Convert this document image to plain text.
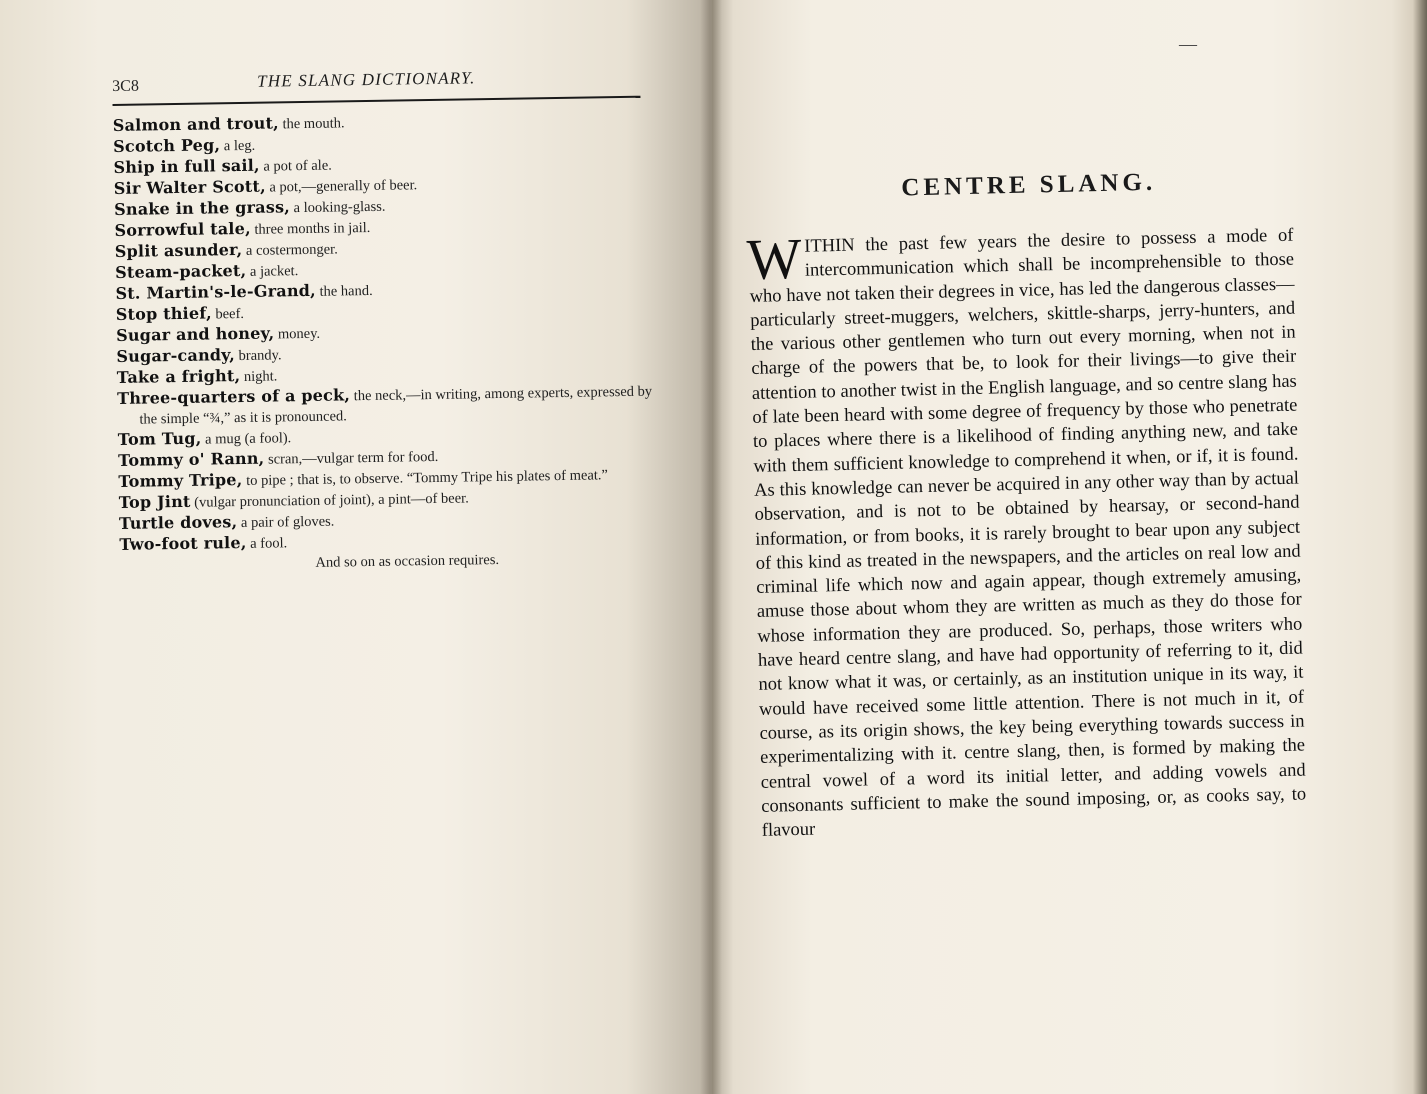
3C8	THE SLANG DICTIONARY.

Salmon and trout, the mouth.

Scotch Peg, a leg.

Ship in full sail, a pot of ale.

Sir Walter Scott, a pot,—generally of beer.

Snake in the grass, a looking-glass.

Sorrowful tale, three months in jail.

Split asunder, a costermonger.

Steam-packet, a jacket.

St. Martin's-le-Grand, the hand.

Stop thief, beef.

Sugar and honey, money.

Sugar-candy, brandy.

Take a fright, night.

Three-quarters of a peck, the neck,—in writing, among experts, expressed by the simple “¾,” as it is pronounced.

Tom Tug, a mug (a fool).

Tommy o' Rann, scran,—vulgar term for food.

Tommy Tripe, to pipe ; that is, to observe. “Tommy Tripe his plates of meat.”

Top Jint (vulgar pronunciation of joint), a pint—of beer.

Turtle doves, a pair of gloves.

Two-foot rule, a fool.

And so on as occasion requires.

—
CENTRE SLANG.

WITHIN the past few years the desire to possess a mode of intercommunication which shall be incomprehensible to those who have not taken their degrees in vice, has led the dangerous classes—particularly street-muggers, welchers, skittle-sharps, jerry-hunters, and the various other gentlemen who turn out every morning, when not in charge of the powers that be, to look for their livings—to give their attention to another twist in the English language, and so centre slang has of late been heard with some degree of frequency by those who penetrate to places where there is a likelihood of finding anything new, and take with them sufficient knowledge to comprehend it when, or if, it is found. As this knowledge can never be acquired in any other way than by actual observation, and is not to be obtained by hearsay, or second-hand information, or from books, it is rarely brought to bear upon any subject of this kind as treated in the newspapers, and the articles on real low and criminal life which now and again appear, though extremely amusing, amuse those about whom they are written as much as they do those for whose information they are produced. So, perhaps, those writers who have heard centre slang, and have had opportunity of referring to it, did not know what it was, or certainly, as an institution unique in its way, it would have received some little attention. There is not much in it, of course, as its origin shows, the key being everything towards success in experimentalizing with it. centre slang, then, is formed by making the central vowel of a word its initial letter, and adding vowels and consonants sufficient to make the sound imposing, or, as cooks say, to flavour
